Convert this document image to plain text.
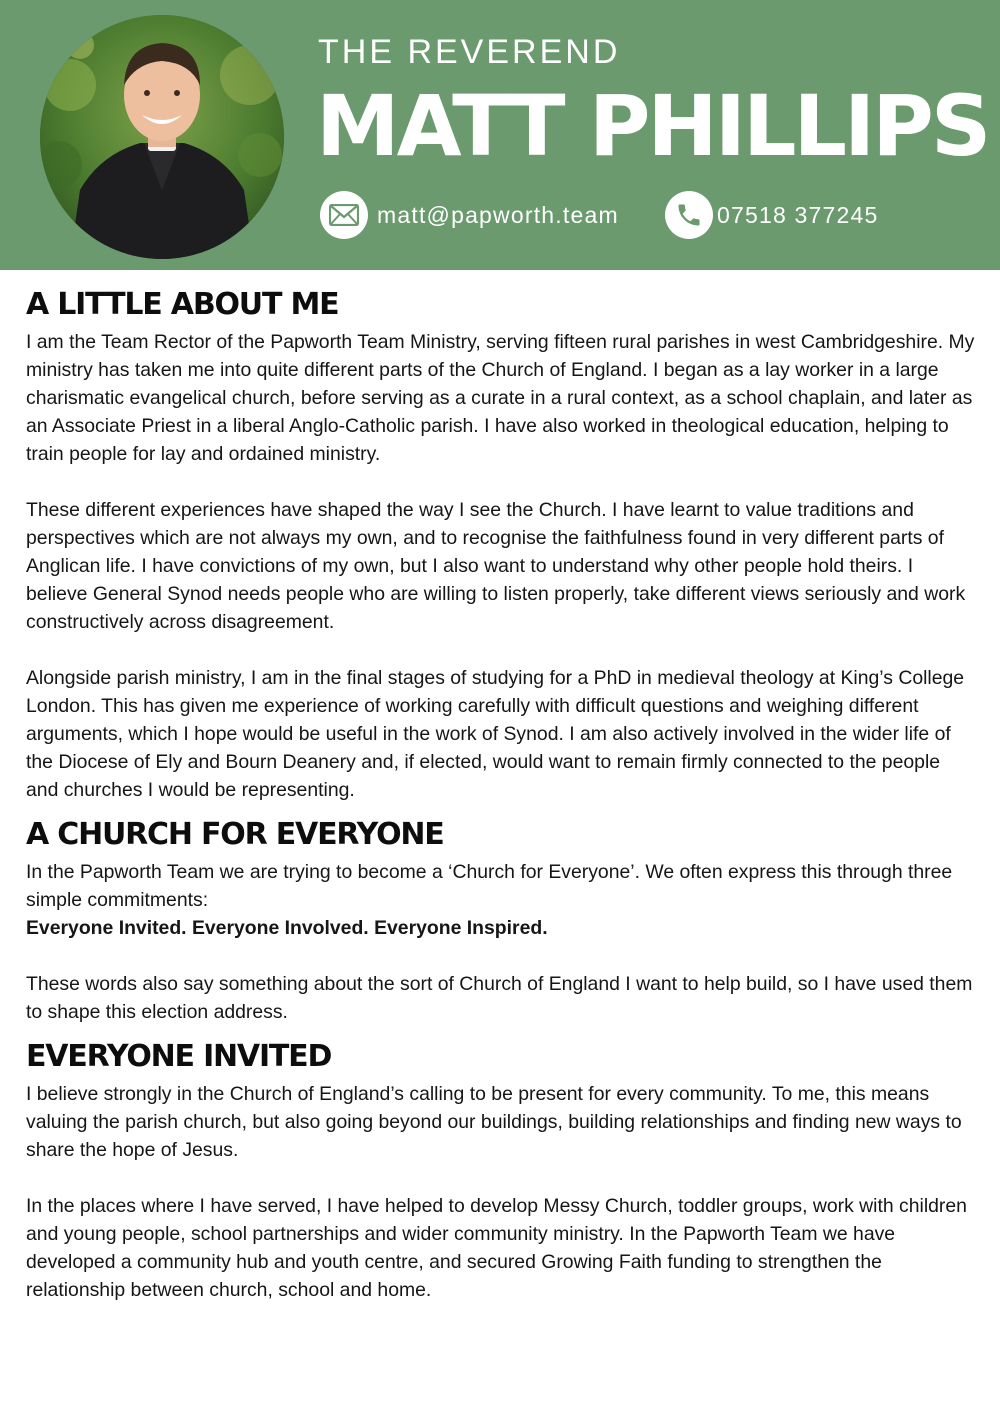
THE REVEREND
MATT PHILLIPS
matt@papworth.team	07518 377245
A LITTLE ABOUT ME

I am the Team Rector of the Papworth Team Ministry, serving fifteen rural parishes in west Cambridgeshire. My ministry has taken me into quite different parts of the Church of England. I began as a lay worker in a large charismatic evangelical church, before serving as a curate in a rural context, as a school chaplain, and later as an Associate Priest in a liberal Anglo-Catholic parish. I have also worked in theological education, helping to train people for lay and ordained ministry.

These different experiences have shaped the way I see the Church. I have learnt to value traditions and perspectives which are not always my own, and to recognise the faithfulness found in very different parts of Anglican life. I have convictions of my own, but I also want to understand why other people hold theirs. I believe General Synod needs people who are willing to listen properly, take different views seriously and work constructively across disagreement.

Alongside parish ministry, I am in the final stages of studying for a PhD in medieval theology at King’s College London. This has given me experience of working carefully with difficult questions and weighing different arguments, which I hope would be useful in the work of Synod. I am also actively involved in the wider life of the Diocese of Ely and Bourn Deanery and, if elected, would want to remain firmly connected to the people and churches I would be representing.

A CHURCH FOR EVERYONE

In the Papworth Team we are trying to become a ‘Church for Everyone’. We often express this through three simple commitments:

Everyone Invited. Everyone Involved. Everyone Inspired.

These words also say something about the sort of Church of England I want to help build, so I have used them to shape this election address.

EVERYONE INVITED

I believe strongly in the Church of England’s calling to be present for every community. To me, this means valuing the parish church, but also going beyond our buildings, building relationships and finding new ways to share the hope of Jesus.

In the places where I have served, I have helped to develop Messy Church, toddler groups, work with children and young people, school partnerships and wider community ministry. In the Papworth Team we have developed a community hub and youth centre, and secured Growing Faith funding to strengthen the relationship between church, school and home.
